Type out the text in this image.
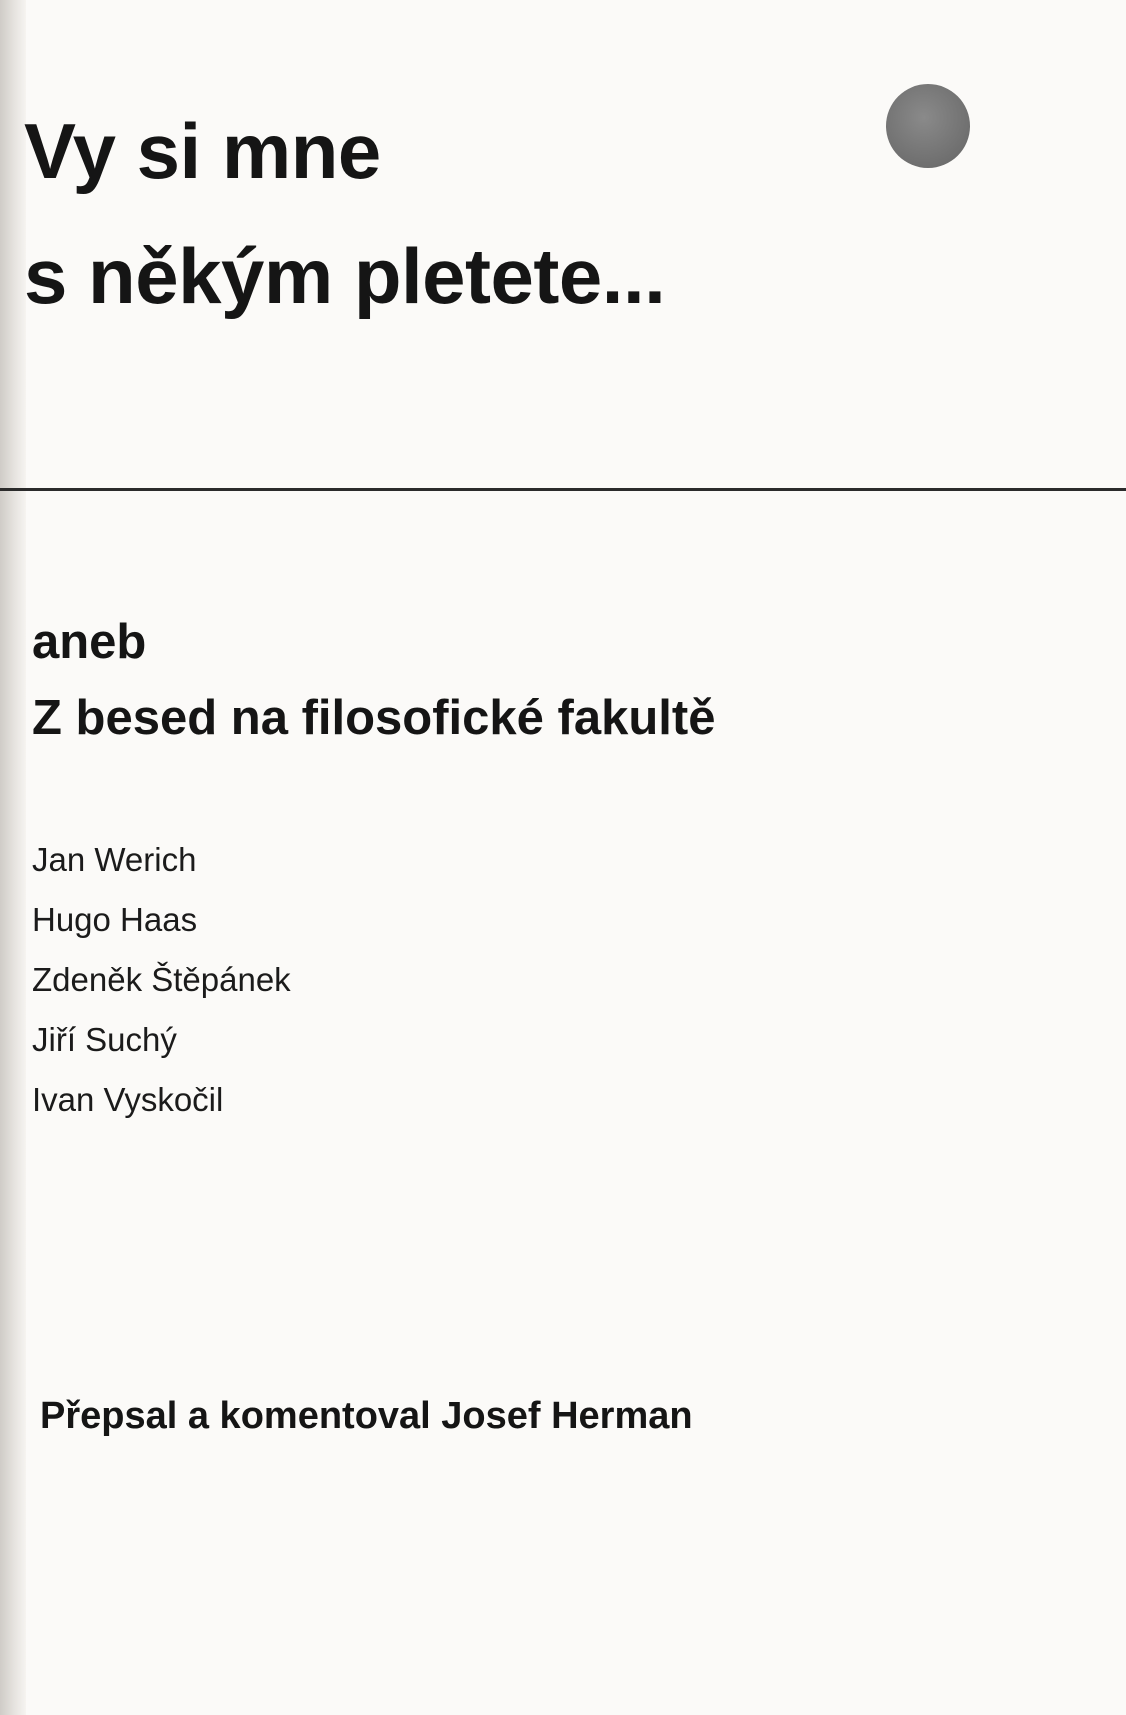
Vy si mne
s někým pletete...
aneb
Z besed na filosofické fakultě
Jan Werich
Hugo Haas
Zdeněk Štěpánek
Jiří Suchý
Ivan Vyskočil

Přepsal a komentoval Josef Herman
